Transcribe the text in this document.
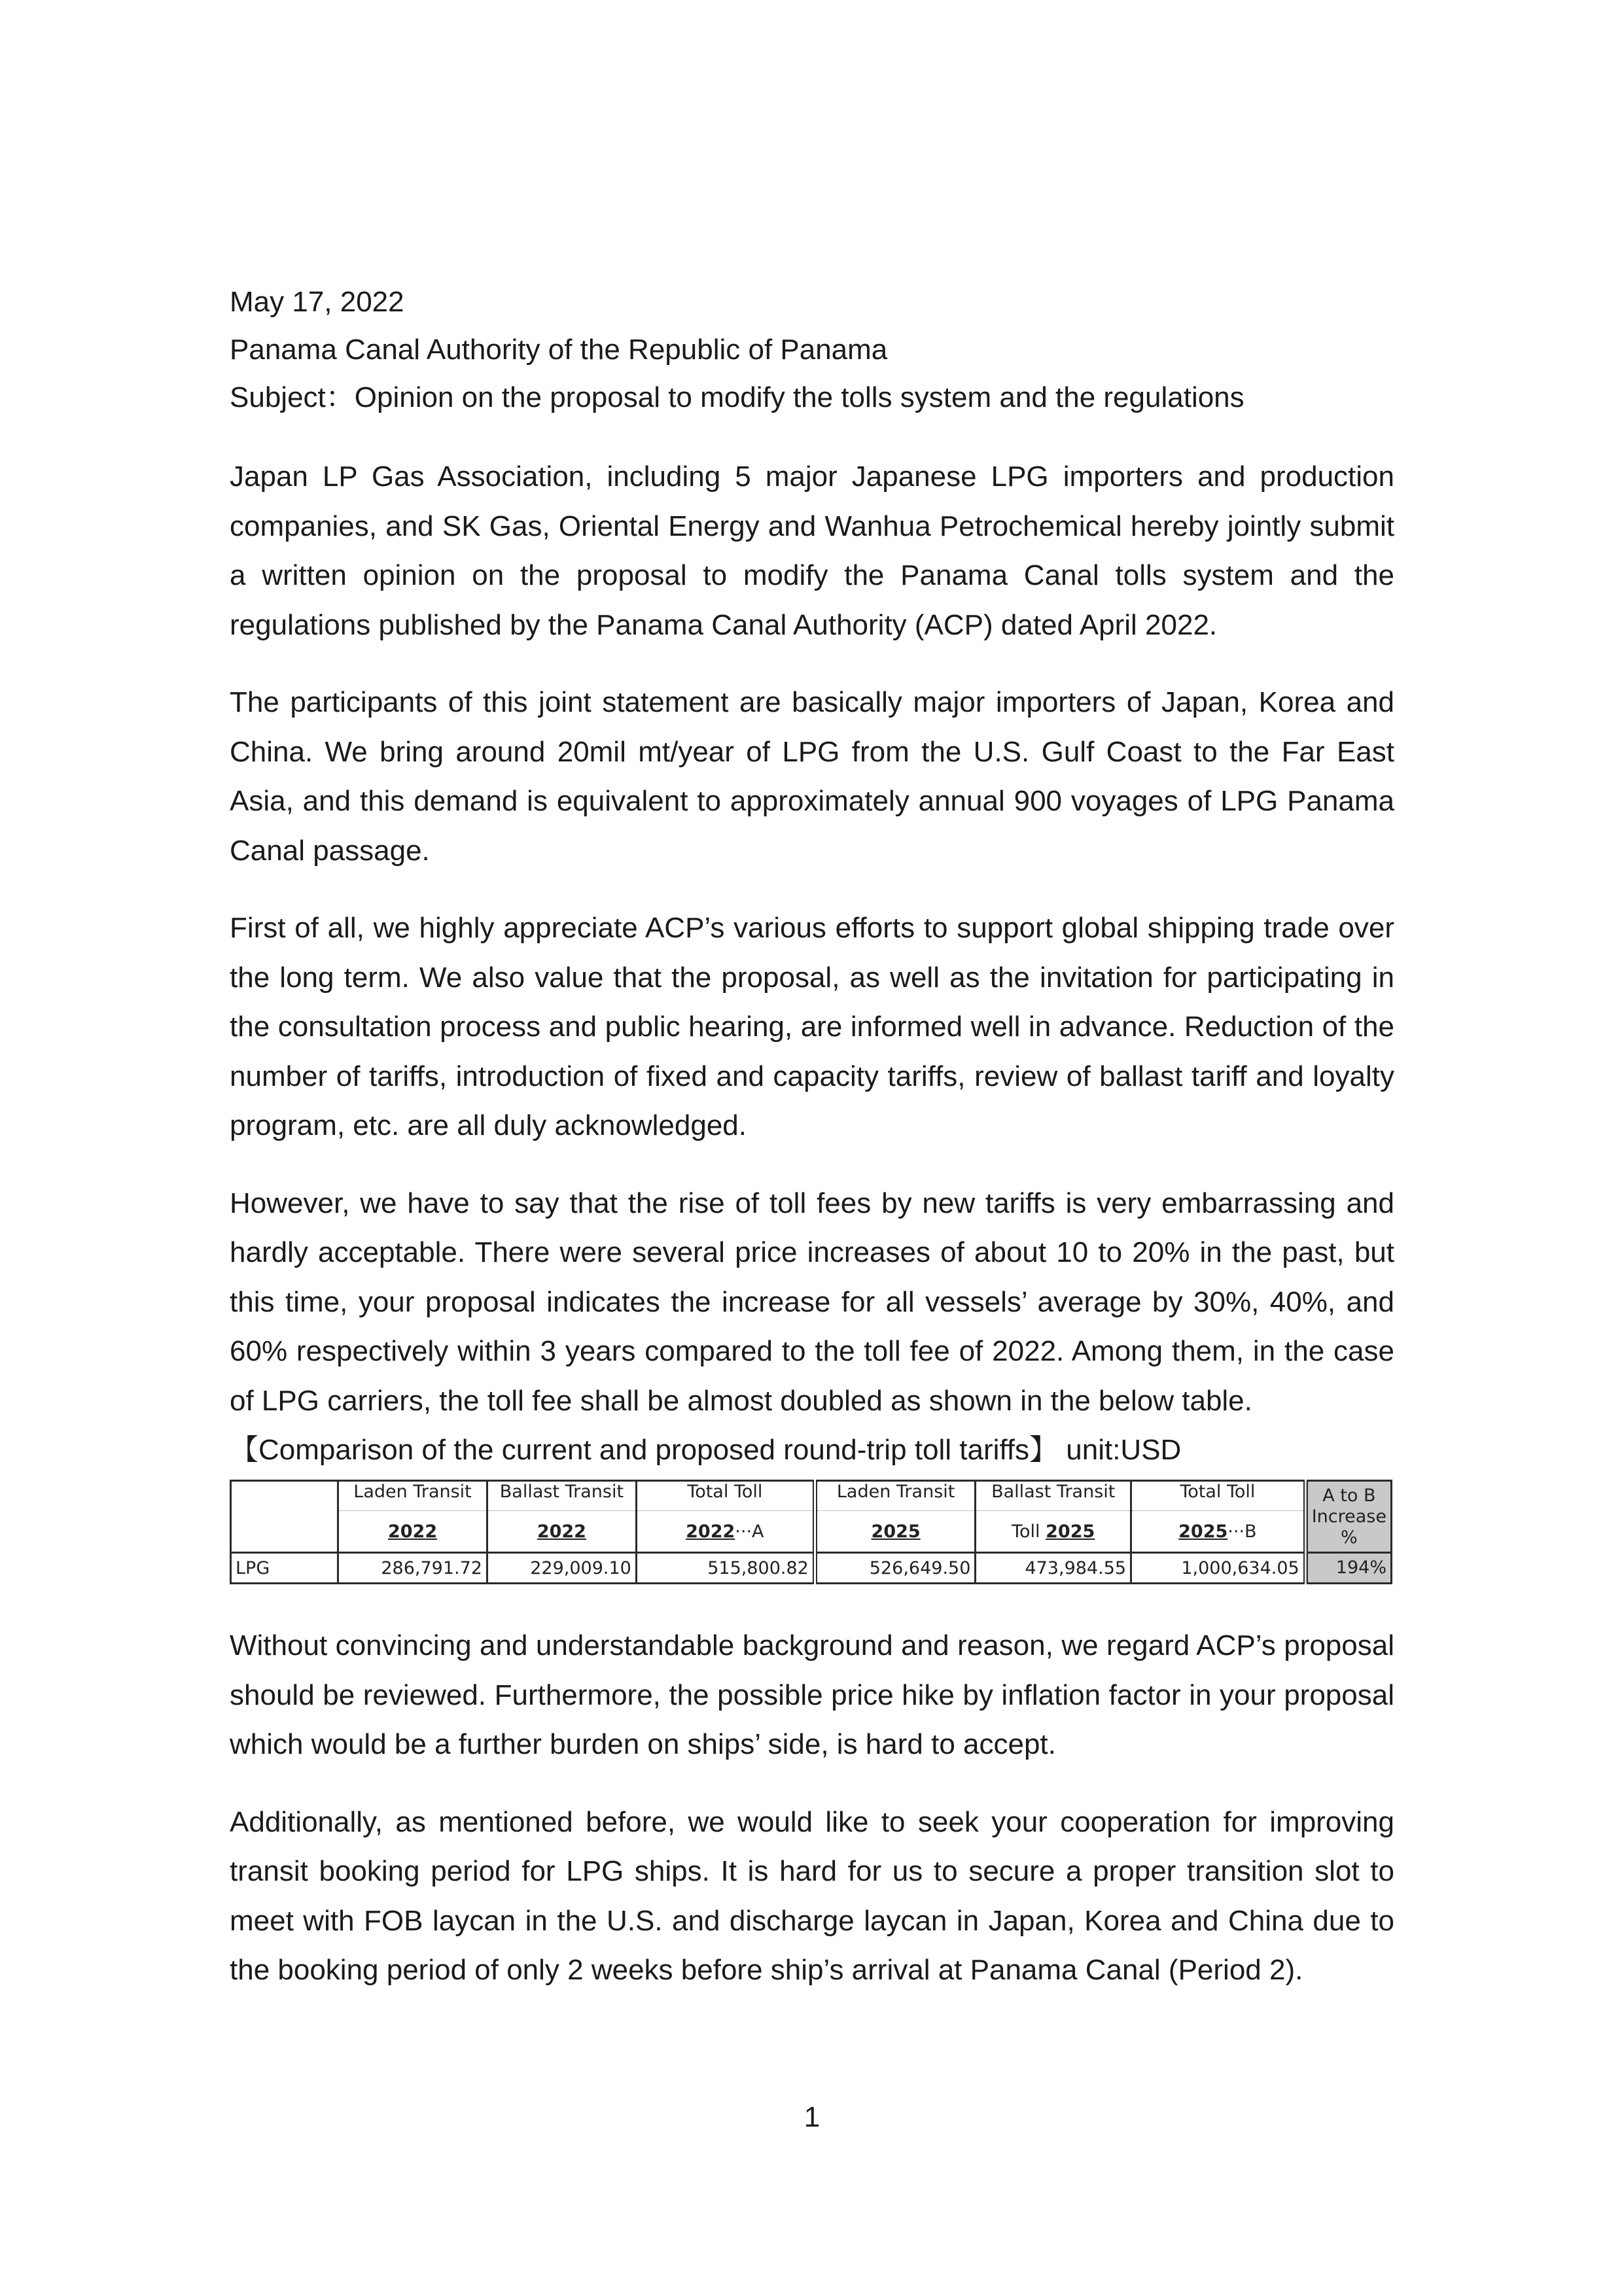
May 17, 2022

Panama Canal Authority of the Republic of Panama

Subject：Opinion on the proposal to modify the tolls system and the regulations

Japan LP Gas Association, including 5 major Japanese LPG importers and production companies, and SK Gas, Oriental Energy and Wanhua Petrochemical hereby jointly submit a written opinion on the proposal to modify the Panama Canal tolls system and the regulations published by the Panama Canal Authority (ACP) dated April 2022.

The participants of this joint statement are basically major importers of Japan, Korea and China. We bring around 20mil mt/year of LPG from the U.S. Gulf Coast to the Far East Asia, and this demand is equivalent to approximately annual 900 voyages of LPG Panama Canal passage.

First of all, we highly appreciate ACP’s various efforts to support global shipping trade over the long term. We also value that the proposal, as well as the invitation for participating in the consultation process and public hearing, are informed well in advance. Reduction of the number of tariffs, introduction of fixed and capacity tariffs, review of ballast tariff and loyalty program, etc. are all duly acknowledged.

However, we have to say that the rise of toll fees by new tariffs is very embarrassing and hardly acceptable. There were several price increases of about 10 to 20% in the past, but this time, your proposal indicates the increase for all vessels’ average by 30%, 40%, and 60% respectively within 3 years compared to the toll fee of 2022. Among them, in the case of LPG carriers, the toll fee shall be almost doubled as shown in the below table.

【Comparison of the current and proposed round-trip toll tariffs】 unit:USD

	Laden Transit	Ballast Transit	Total Toll	Laden Transit	Ballast Transit	Total Toll	A to B
Increase
%
	2022	2022	2022···A	2025	Toll 2025	2025···B	
LPG	286,791.72	229,009.10	515,800.82	526,649.50	473,984.55	1,000,634.05	194%

Without convincing and understandable background and reason, we regard ACP’s proposal should be reviewed. Furthermore, the possible price hike by inflation factor in your proposal which would be a further burden on ships’ side, is hard to accept.

Additionally, as mentioned before, we would like to seek your cooperation for improving transit booking period for LPG ships. It is hard for us to secure a proper transition slot to meet with FOB laycan in the U.S. and discharge laycan in Japan, Korea and China due to the booking period of only 2 weeks before ship’s arrival at Panama Canal (Period 2).

1
